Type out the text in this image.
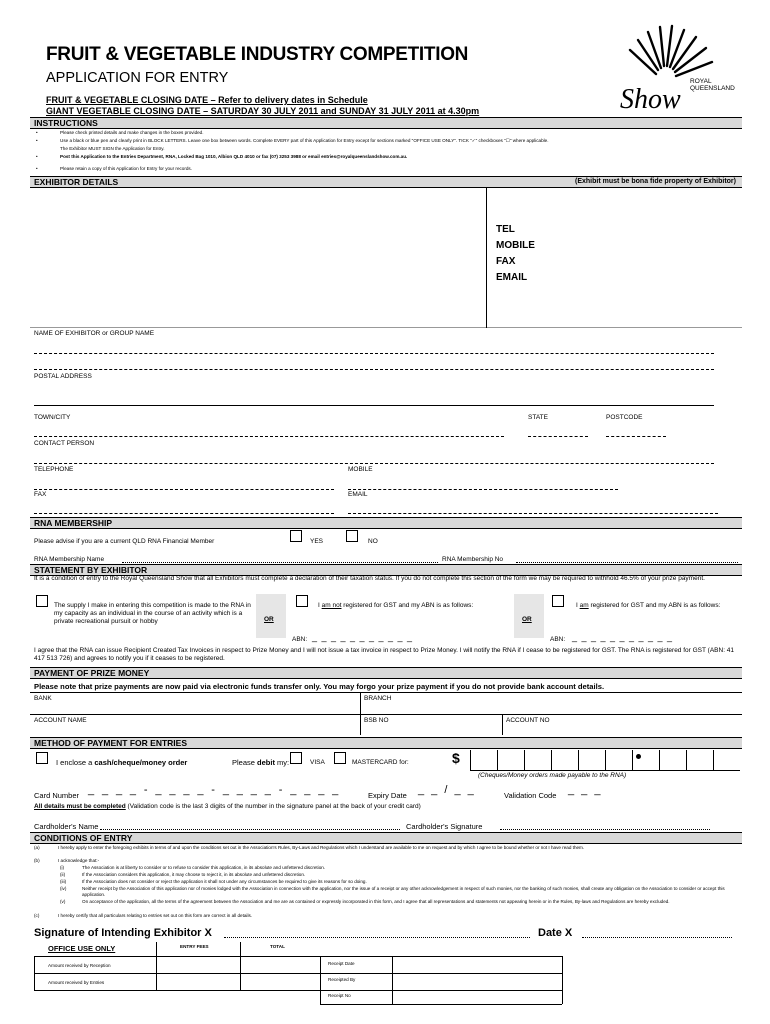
FRUIT & VEGETABLE INDUSTRY COMPETITION
APPLICATION FOR ENTRY
FRUIT & VEGETABLE CLOSING DATE – Refer to delivery dates in Schedule
GIANT VEGETABLE CLOSING DATE – SATURDAY 30 JULY 2011 and SUNDAY 31 JULY 2011 at 4.30pm	Show
ROYAL
QUEENSLAND
INSTRUCTIONS
•	Please check printed details and make changes in the boxes provided.
•	Use a black or blue pen and clearly print in BLOCK LETTERS. Leave one box between words. Complete EVERY part of this Application for Entry except for sections marked "OFFICE USE ONLY". TICK "✓" checkboxes "☐" where applicable.
The Exhibitor MUST SIGN the Application for Entry.
•	Post this Application to the Entries Department, RNA, Locked Bag 1010, Albion QLD 4010 or fax (07) 3253 3988 or email entries@royalqueenslandshow.com.au.
•	Please retain a copy of this Application for Entry for your records.
EXHIBITOR DETAILS	(Exhibit must be bona fide property of Exhibitor)
TEL
MOBILE
FAX
EMAIL
NAME OF EXHIBITOR or GROUP NAME
POSTAL ADDRESS
TOWN/CITY	STATE	POSTCODE
CONTACT PERSON
TELEPHONE	MOBILE
FAX	EMAIL
RNA MEMBERSHIP
Please advise if you are a current QLD RNA Financial Member	YES	NO
RNA Membership Name	RNA Membership No
STATEMENT BY EXHIBITOR
It is a condition of entry to the Royal Queensland Show that all Exhibitors must complete a declaration of their taxation status. If you do not complete this section of the form we may be required to withhold 46.5% of your prize payment.
The supply I make in entering this competition is made to the RNA in my capacity as an individual in the course of an activity which is a private recreational pursuit or hobby	OR
I am not registered for GST and my ABN is as follows:
OR
I am registered for GST and my ABN is as follows:
ABN: _ _ _ _ _ _ _ _ _ _ _	ABN: _ _ _ _ _ _ _ _ _ _ _
I agree that the RNA can issue Recipient Created Tax Invoices in respect to Prize Money and I will not issue a tax invoice in respect to Prize Money. I will notify the RNA if I cease to be registered for GST. The RNA is registered for GST (ABN: 41 417 513 726) and agrees to notify you if it ceases to be registered.
PAYMENT OF PRIZE MONEY
Please note that prize payments are now paid via electronic funds transfer only. You may forgo your prize payment if you do not provide bank account details.
BANK	BRANCH
ACCOUNT NAME	BSB NO	ACCOUNT NO
METHOD OF PAYMENT FOR ENTRIES
I enclose a cash/cheque/money order	Please debit my:	VISA	MASTERCARD for:	$
(Cheques/Money orders made payable to the RNA)
Card Number _ _ _ _ - _ _ _ _ - _ _ _ _ - _ _ _ _	Expiry Date _ _ / _ _	Validation Code _ _ _
All details must be completed (Validation code is the last 3 digits of the number in the signature panel at the back of your credit card)
Cardholder's Name	Cardholder's Signature
CONDITIONS OF ENTRY
(a)	I hereby apply to enter the foregoing exhibits in terms of and upon the conditions set out in the Association's Rules, By-Laws and Regulations which I understand are available to me on request and by which I agree to be bound whether or not I have read them.
(b)	I acknowledge that:-
(i)	The Association is at liberty to consider or to refuse to consider this application, in its absolute and unfettered discretion.
(ii)	If the Association considers this application, it may choose to reject it, in its absolute and unfettered discretion.
(iii)	If the Association does not consider or reject the application it shall not under any circumstances be required to give its reasons for so doing.
(iv)	Neither receipt by the Association of this application nor of monies lodged with the Association in connection with the application, nor the issue of a receipt or any other acknowledgement in respect of such monies, nor the banking of such monies, shall create any obligation on the Association to consider or accept this application.
(v)	On acceptance of the application, all the terms of the agreement between the Association and me are as contained or expressly incorporated in this form, and I agree that all representations and statements not appearing herein or in the Rules, By-laws and Regulations are hereby excluded.
(c)	I hereby certify that all particulars relating to entries set out on this form are correct in all details.
Signature of Intending Exhibitor X	Date X
OFFICE USE ONLY	ENTRY FEES	TOTAL
Amount received by Reception
Amount received by Entries
Receipt Date
Receipted By
Receipt No
